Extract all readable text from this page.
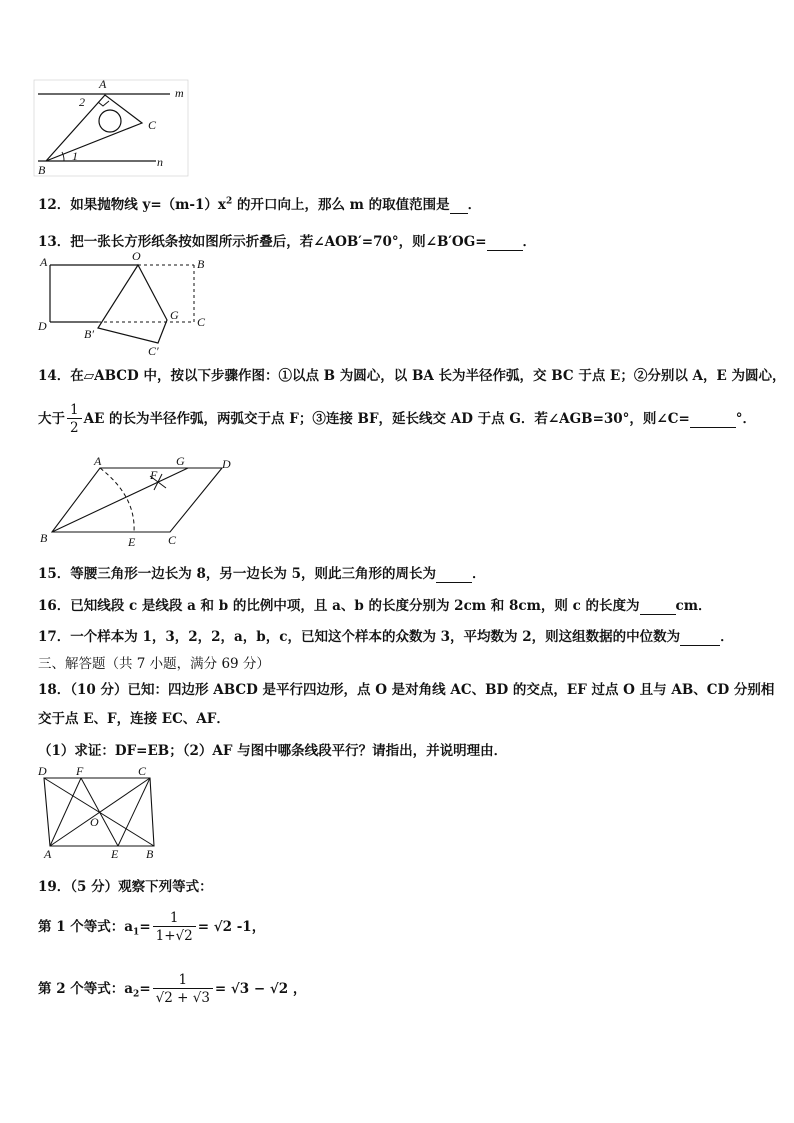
A
m
2
C
1	n
B
12．如果抛物线 $y=(m-1)x^2$ 的开口向上，那么 m 的取值范围是 ．
13．把一张长方形纸条按如图所示折叠后，若∠AOB′=70°，则∠B′OG=	．
A	O
B
D
B′
G C
C′
14．在▱ABCD 中，按以下步骤作图：①以点 B 为圆心，以 BA 长为半径作弧，交 BC 于点 E；②分别以 A，E 为圆心，
大于 $\frac{1}{2}$ AE 的长为半径作弧，两弧交于点 F；③连接 BF，延长线交 AD 于点 G．若∠AGB=30°，则∠C=	°．
A	G	D
F
B	E	C
15．等腰三角形一边长为 8，另一边长为 5，则此三角形的周长为	．
16．已知线段 c 是线段 a 和 b 的比例中项，且 a、b 的长度分别为 2cm 和 8cm，则 c 的长度为	cm．
17．一个样本为 1，3，2，2，a，b，c，已知这个样本的众数为 3，平均数为 2，则这组数据的中位数为	．
三、解答题（共 7 小题，满分 69 分）
18．（10 分）已知：四边形 ABCD 是平行四边形，点 O 是对角线 AC、BD 的交点，EF 过点 O 且与 AB、CD 分别相
交于点 E、F，连接 EC、AF．
（1）求证：DF=EB；（2）AF 与图中哪条线段平行？请指出，并说明理由．
D F	C
O
A	E B
19．（5 分）观察下列等式：
第 1 个等式：$a_1= \frac{1}{1+√2} = √2$ -1，
第 2 个等式：$a_2= \frac{1}{√2 + √3} = √3 - √2$ ，
